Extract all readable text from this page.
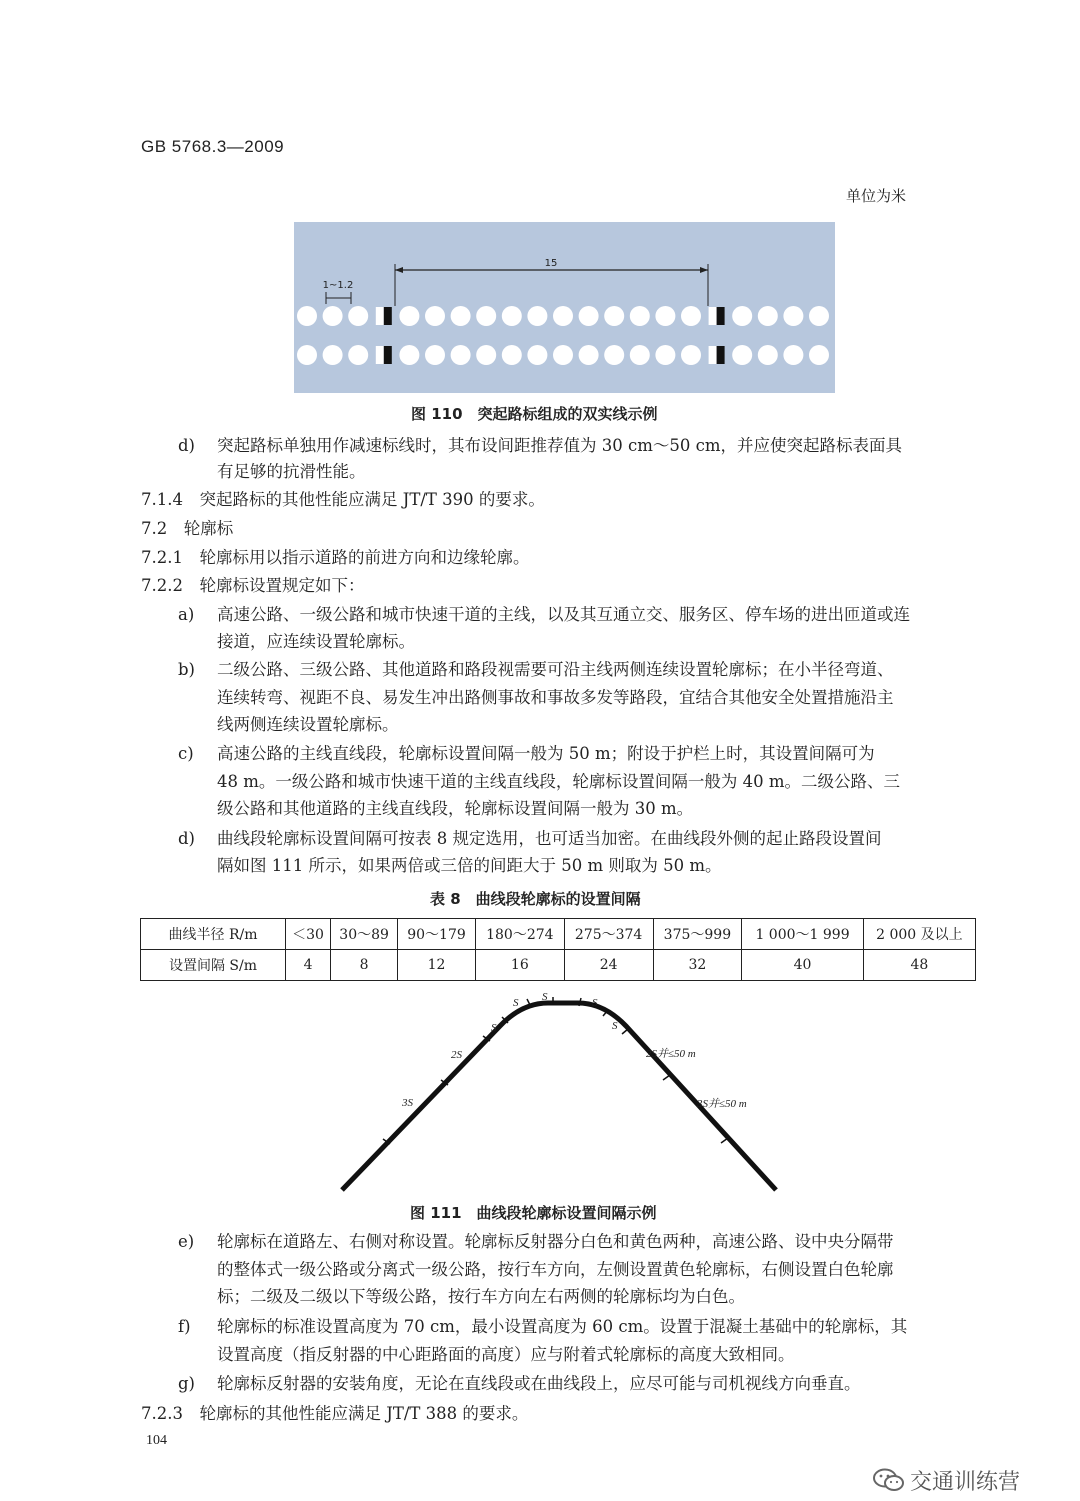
GB 5768.3—2009
单位为米
15
1~1.2
图 110　突起路标组成的双实线示例
d) 突起路标单独用作减速标线时，其布设间距推荐值为 30 cm～50 cm，并应使突起路标表面具
有足够的抗滑性能。
7.1.4　突起路标的其他性能应满足 JT/T 390 的要求。
7.2　轮廓标
7.2.1　轮廓标用以指示道路的前进方向和边缘轮廓。
7.2.2　轮廓标设置规定如下：
a) 高速公路、一级公路和城市快速干道的主线，以及其互通立交、服务区、停车场的进出匝道或连
接道，应连续设置轮廓标。
b) 二级公路、三级公路、其他道路和路段视需要可沿主线两侧连续设置轮廓标；在小半径弯道、
连续转弯、视距不良、易发生冲出路侧事故和事故多发等路段，宜结合其他安全处置措施沿主
线两侧连续设置轮廓标。
c) 高速公路的主线直线段，轮廓标设置间隔一般为 50 m；附设于护栏上时，其设置间隔可为
48 m。一级公路和城市快速干道的主线直线段，轮廓标设置间隔一般为 40 m。二级公路、三
级公路和其他道路的主线直线段，轮廓标设置间隔一般为 30 m。
d) 曲线段轮廓标设置间隔可按表 8 规定选用，也可适当加密。在曲线段外侧的起止路段设置间
隔如图 111 所示，如果两倍或三倍的间距大于 50 m 则取为 50 m。
表 8　曲线段轮廓标的设置间隔
曲线半径 R/m	＜30	30～89	90～179	180～274	275～374	375～999	1 000～1 999	2 000 及以上
设置间隔 S/m	4	8	12	16	24	32	40	48
S
S
S
S
S
2S
3S
2S并≤50 m
3S并≤50 m
图 111　曲线段轮廓标设置间隔示例
e) 轮廓标在道路左、右侧对称设置。轮廓标反射器分白色和黄色两种，高速公路、设中央分隔带
的整体式一级公路或分离式一级公路，按行车方向，左侧设置黄色轮廓标，右侧设置白色轮廓
标；二级及二级以下等级公路，按行车方向左右两侧的轮廓标均为白色。
f) 轮廓标的标准设置高度为 70 cm，最小设置高度为 60 cm。设置于混凝土基础中的轮廓标，其
设置高度（指反射器的中心距路面的高度）应与附着式轮廓标的高度大致相同。
g) 轮廓标反射器的安装角度，无论在直线段或在曲线段上，应尽可能与司机视线方向垂直。
7.2.3　轮廓标的其他性能应满足 JT/T 388 的要求。
104
交通训练营
